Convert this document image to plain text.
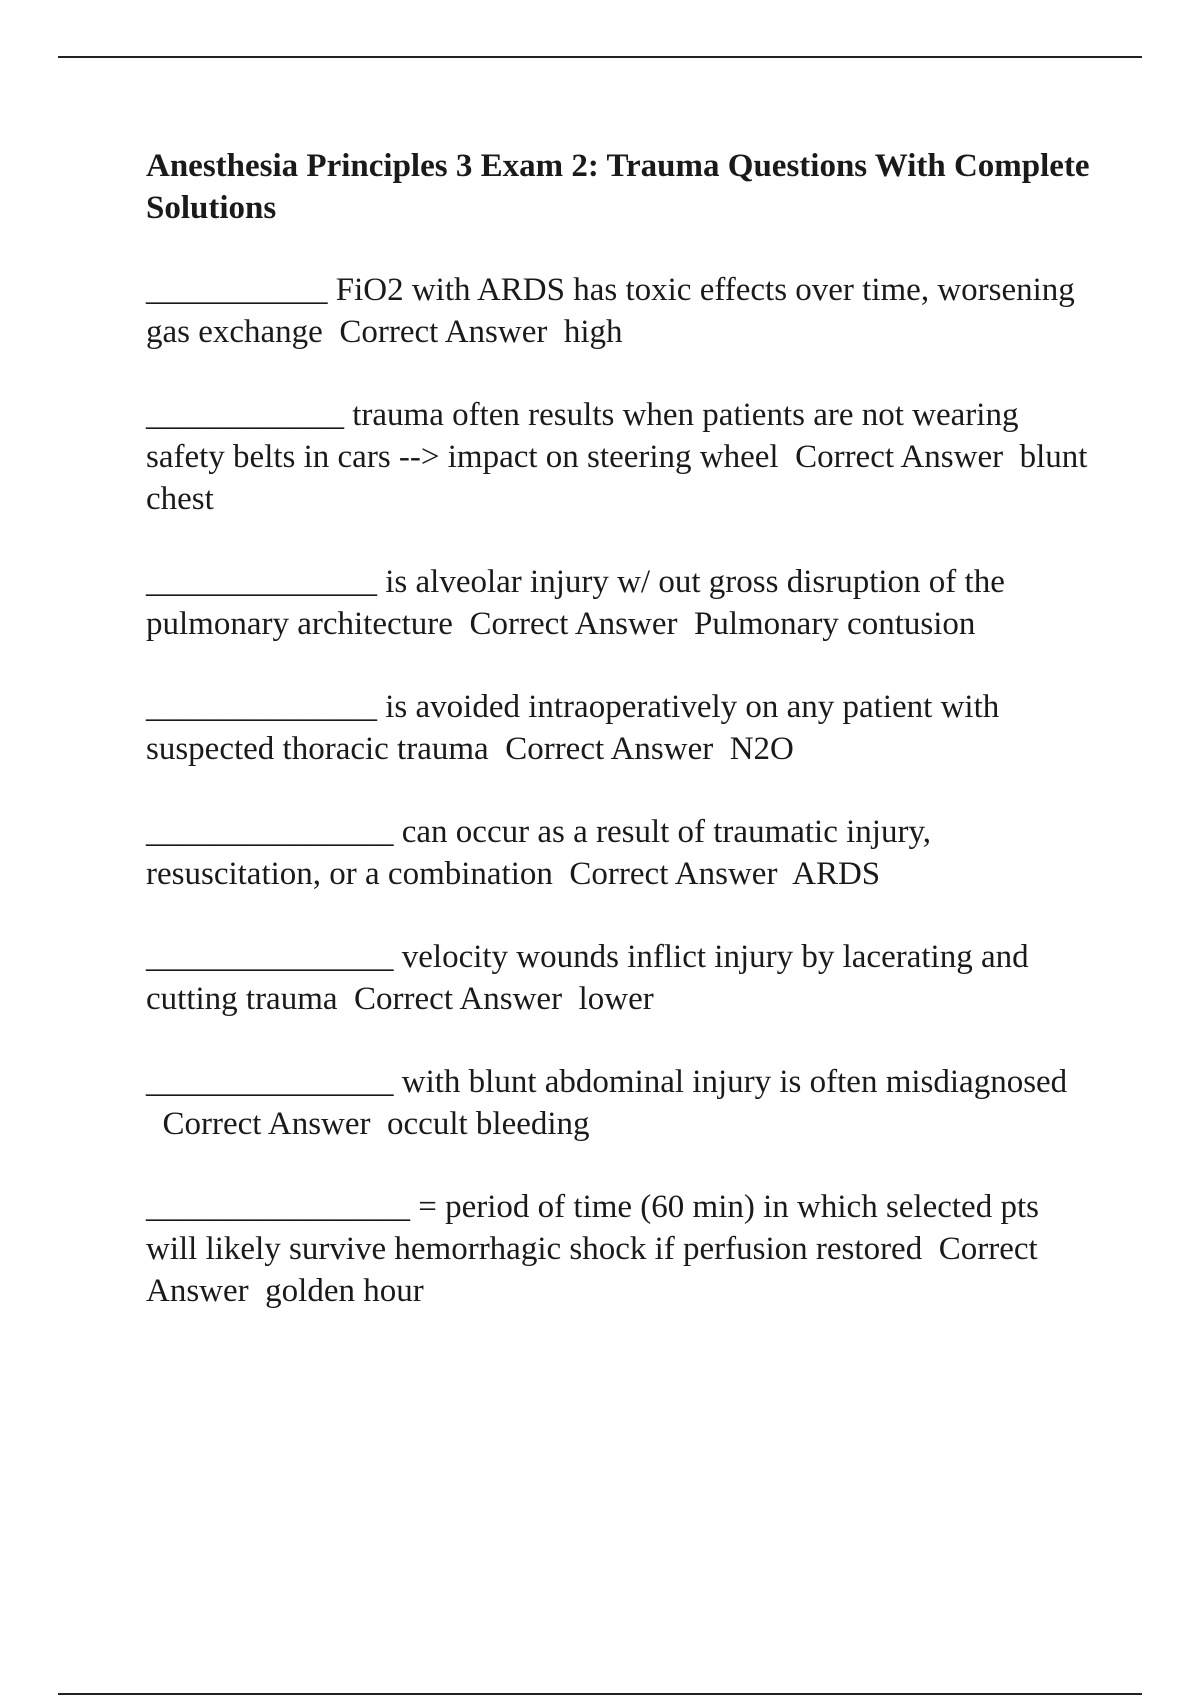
Anesthesia Principles 3 Exam 2: Trauma Questions With Complete Solutions

___________ FiO2 with ARDS has toxic effects over time, worsening gas exchange Correct Answer high

____________ trauma often results when patients are not wearing safety belts in cars --> impact on steering wheel Correct Answer blunt chest

______________ is alveolar injury w/ out gross disruption of the pulmonary architecture Correct Answer Pulmonary contusion

______________ is avoided intraoperatively on any patient with suspected thoracic trauma Correct Answer N2O

_______________ can occur as a result of traumatic injury, resuscitation, or a combination Correct Answer ARDS

_______________ velocity wounds inflict injury by lacerating and cutting trauma Correct Answer lower

_______________ with blunt abdominal injury is often misdiagnosed  Correct Answer occult bleeding

________________ = period of time (60 min) in which selected pts will likely survive hemorrhagic shock if perfusion restored Correct Answer golden hour
